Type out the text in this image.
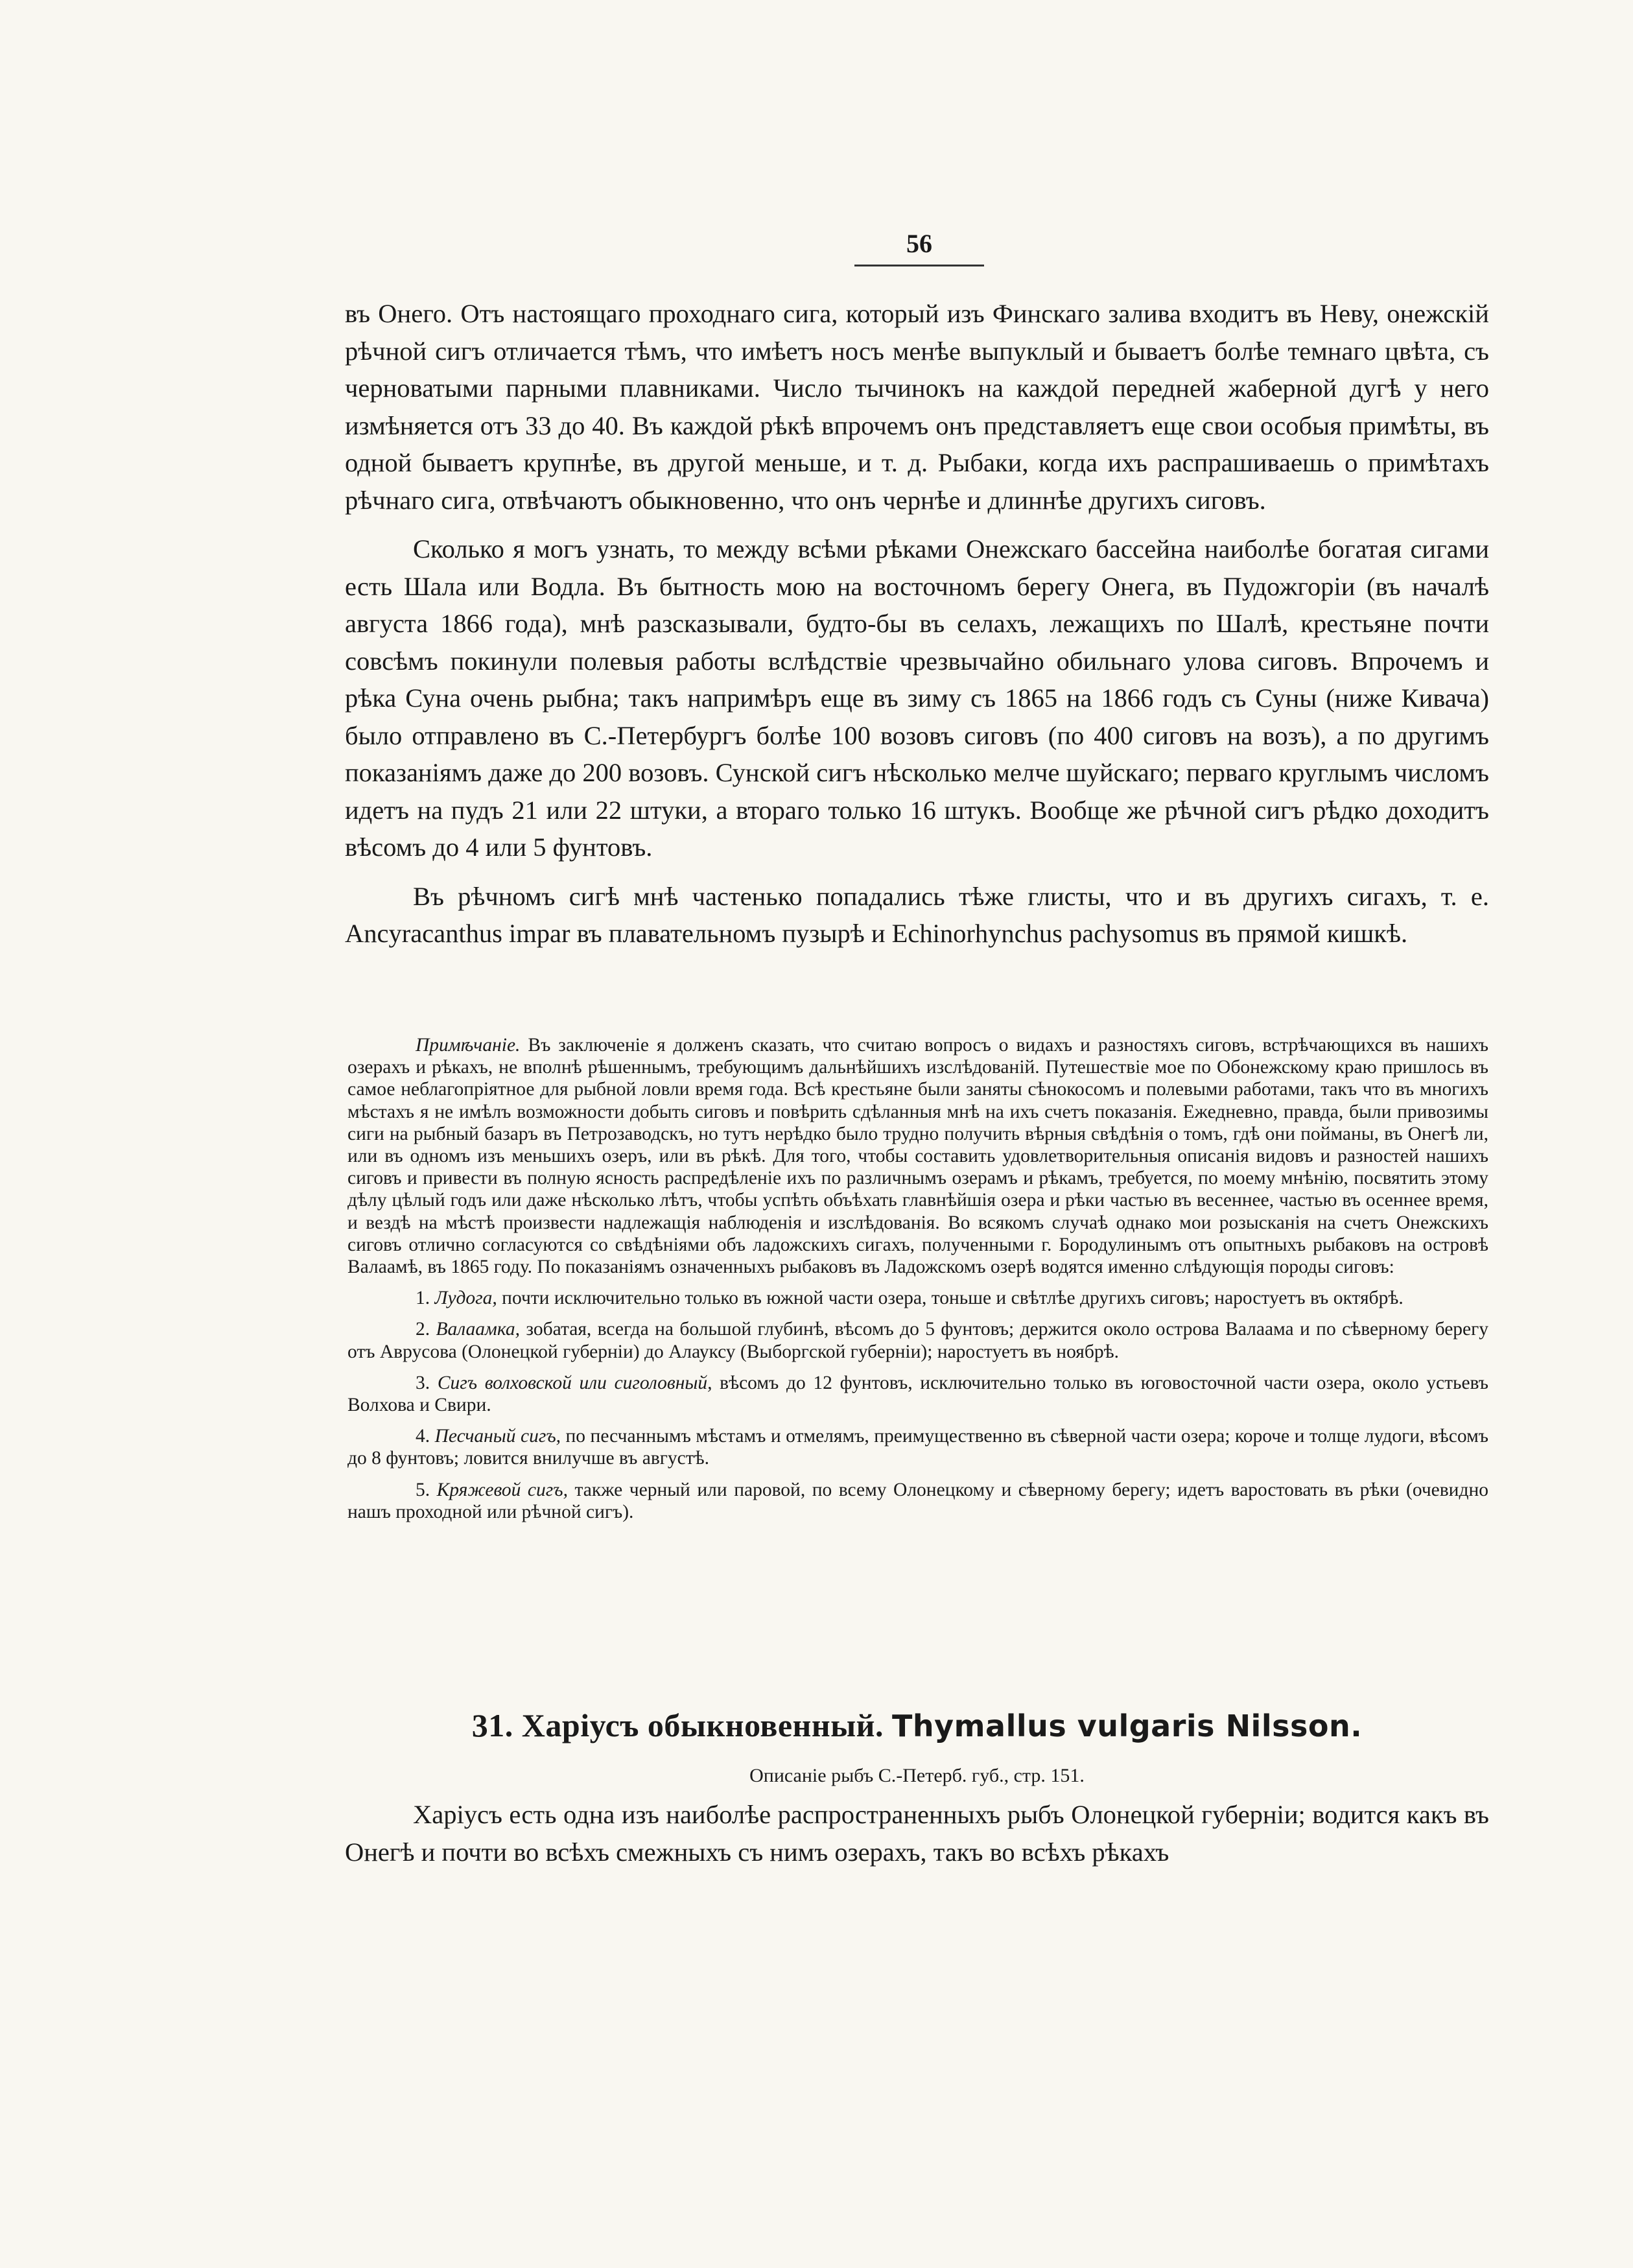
56

въ Онего. Отъ настоящаго проходнаго сига, который изъ Финскаго залива входитъ въ Неву, онежскій рѣчной сигъ отличается тѣмъ, что имѣетъ носъ менѣе выпуклый и бываетъ болѣе темнаго цвѣта, съ черноватыми парными плавниками. Число тычинокъ на каждой передней жаберной дугѣ у него измѣняется отъ 33 до 40. Въ каждой рѣкѣ впрочемъ онъ представляетъ еще свои особыя примѣты, въ одной бываетъ крупнѣе, въ другой меньше, и т. д. Рыбаки, когда ихъ распрашиваешь о примѣтахъ рѣчнаго сига, отвѣчаютъ обыкновенно, что онъ чернѣе и длиннѣе другихъ сиговъ.

Сколько я могъ узнать, то между всѣми рѣками Онежскаго бассейна наиболѣе богатая сигами есть Шала или Водла. Въ бытность мою на восточномъ берегу Онега, въ Пудожгоріи (въ началѣ августа 1866 года), мнѣ разсказывали, будто-бы въ селахъ, лежащихъ по Шалѣ, крестьяне почти совсѣмъ покинули полевыя работы вслѣдствіе чрезвычайно обильнаго улова сиговъ. Впрочемъ и рѣка Суна очень рыбна; такъ напримѣръ еще въ зиму съ 1865 на 1866 годъ съ Суны (ниже Кивача) было отправлено въ С.-Петербургъ болѣе 100 возовъ сиговъ (по 400 сиговъ на возъ), а по другимъ показаніямъ даже до 200 возовъ. Сунской сигъ нѣсколько мелче шуйскаго; перваго круглымъ числомъ идетъ на пудъ 21 или 22 штуки, а втораго только 16 штукъ. Вообще же рѣчной сигъ рѣдко доходитъ вѣсомъ до 4 или 5 фунтовъ.

Въ рѣчномъ сигѣ мнѣ частенько попадались тѣже глисты, что и въ другихъ сигахъ, т. е. Ancyracanthus impar въ плавательномъ пузырѣ и Echinorhynchus pachysomus въ прямой кишкѣ.

Примѣчаніе. Въ заключеніе я долженъ сказать, что считаю вопросъ о видахъ и разностяхъ сиговъ, встрѣчающихся въ нашихъ озерахъ и рѣкахъ, не вполнѣ рѣшеннымъ, требующимъ дальнѣйшихъ изслѣдованій. Путешествіе мое по Обонежскому краю пришлось въ самое неблагопріятное для рыбной ловли время года. Всѣ крестьяне были заняты сѣнокосомъ и полевыми работами, такъ что въ многихъ мѣстахъ я не имѣлъ возможности добыть сиговъ и повѣрить сдѣланныя мнѣ на ихъ счетъ показанія. Ежедневно, правда, были привозимы сиги на рыбный базаръ въ Петрозаводскъ, но тутъ нерѣдко было трудно получить вѣрныя свѣдѣнія о томъ, гдѣ они пойманы, въ Онегѣ ли, или въ одномъ изъ меньшихъ озеръ, или въ рѣкѣ. Для того, чтобы составить удовлетворительныя описанія видовъ и разностей нашихъ сиговъ и привести въ полную ясность распредѣленіе ихъ по различнымъ озерамъ и рѣкамъ, требуется, по моему мнѣнію, посвятить этому дѣлу цѣлый годъ или даже нѣсколько лѣтъ, чтобы успѣть объѣхать главнѣйшія озера и рѣки частью въ весеннее, частью въ осеннее время, и вездѣ на мѣстѣ произвести надлежащія наблюденія и изслѣдованія. Во всякомъ случаѣ однако мои розысканія на счетъ Онежскихъ сиговъ отлично согласуются со свѣдѣніями объ ладожскихъ сигахъ, полученными г. Бородулинымъ отъ опытныхъ рыбаковъ на островѣ Валаамѣ, въ 1865 году. По показаніямъ означенныхъ рыбаковъ въ Ладожскомъ озерѣ водятся именно слѣдующія породы сиговъ:

1. Лудога, почти исключительно только въ южной части озера, тоньше и свѣтлѣе другихъ сиговъ; наростуетъ въ октябрѣ.

2. Валаамка, зобатая, всегда на большой глубинѣ, вѣсомъ до 5 фунтовъ; держится около острова Валаама и по сѣверному берегу отъ Аврусова (Олонецкой губерніи) до Алауксу (Выборгской губерніи); наростуетъ въ ноябрѣ.

3. Сигъ волховской или сиголовный, вѣсомъ до 12 фунтовъ, исключительно только въ юговосточной части озера, около устьевъ Волхова и Свири.

4. Песчаный сигъ, по песчаннымъ мѣстамъ и отмелямъ, преимущественно въ сѣверной части озера; короче и толще лудоги, вѣсомъ до 8 фунтовъ; ловится внилучше въ августѣ.

5. Кряжевой сигъ, также черный или паровой, по всему Олонецкому и сѣверному берегу; идетъ варостовать въ рѣки (очевидно нашъ проходной или рѣчной сигъ).

31. Харіусъ обыкновенный. Thymallus vulgaris Nilsson.
Описаніе рыбъ С.-Петерб. губ., стр. 151.

Харіусъ есть одна изъ наиболѣе распространенныхъ рыбъ Олонецкой губерніи; водится какъ въ Онегѣ и почти во всѣхъ смежныхъ съ нимъ озерахъ, такъ во всѣхъ рѣкахъ
